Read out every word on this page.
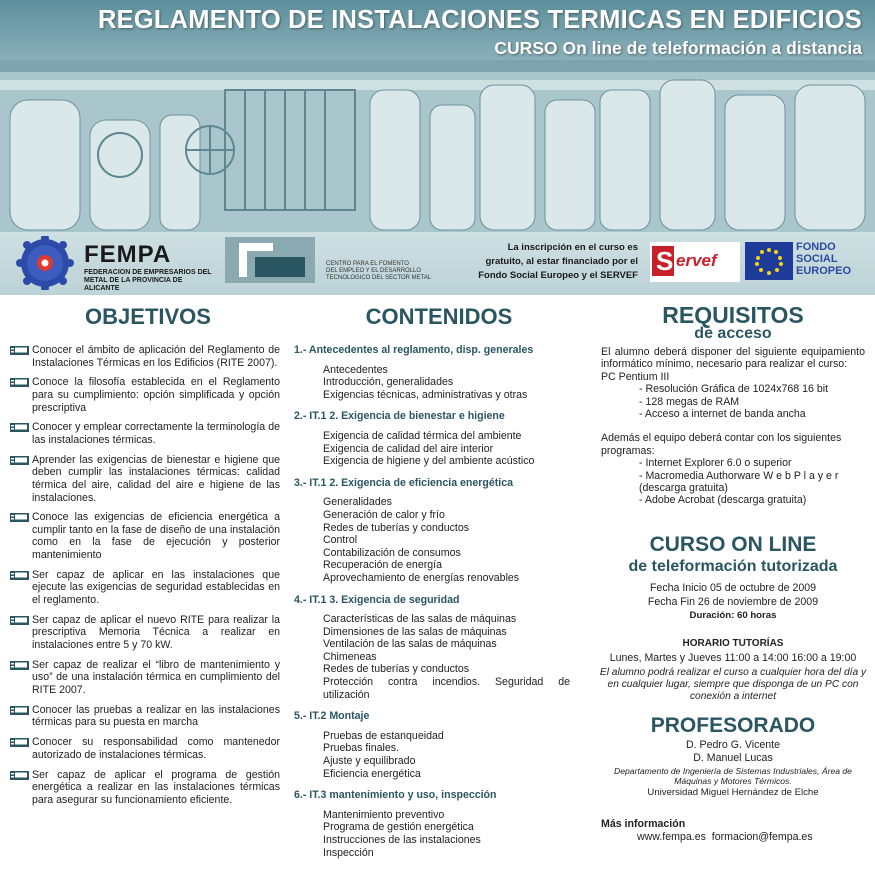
REGLAMENTO DE INSTALACIONES TERMICAS EN EDIFICIOS
CURSO On line de teleformación a distancia
FEMPA
FEDERACION DE EMPRESARIOS DEL
METAL DE LA PROVINCIA DE ALICANTE
CENTRO PARA EL FOMENTO
DEL EMPLEO Y EL DESARROLLO
TECNOLOGICO DEL SECTOR METAL
La inscripción en el curso es
gratuito, al estar financiado por el
Fondo Social Europeo y el SERVEF S ervef
FONDO
SOCIAL
EUROPEO
OBJETIVOS
Conocer el ámbito de aplicación del Reglamento de Instalaciones Térmicas en los Edificios (RITE 2007).
Conoce la filosofía establecida en el Reglamento para su cumplimiento: opción simplificada y opción prescriptiva
Conocer y emplear correctamente la terminología de las instalaciones térmicas.
Aprender las exigencias de bienestar e higiene que deben cumplir las instalaciones térmicas: calidad térmica del aire, calidad del aire e higiene de las instalaciones.
Conoce las exigencias de eficiencia energética a cumplir tanto en la fase de diseño de una instalación como en la fase de ejecución y posterior mantenimiento
Ser capaz de aplicar en las instalaciones que ejecute las exigencias de seguridad establecidas en el reglamento.
Ser capaz de aplicar el nuevo RITE para realizar la prescriptiva Memoria Técnica a realizar en instalaciones entre 5 y 70 kW.
Ser capaz de realizar el “libro de mantenimiento y uso” de una instalación térmica en cumplimiento del RITE 2007.
Conocer las pruebas a realizar en las instalaciones térmicas para su puesta en marcha
Conocer su responsabilidad como mantenedor autorizado de instalaciones térmicas.
Ser capaz de aplicar el programa de gestión energética a realizar en las instalaciones térmicas para asegurar su funcionamiento eficiente.
CONTENIDOS
1.- Antecedentes al reglamento, disp. generales
Antecedentes
Introducción, generalidades
Exigencias técnicas, administrativas y otras
2.- IT.1 2. Exigencia de bienestar e higiene
Exigencia de calidad térmica del ambiente
Exigencia de calidad del aire interior
Exigencia de higiene y del ambiente acústico
3.- IT.1 2. Exigencia de eficiencia energética
Generalidades
Generación de calor y frío
Redes de tuberías y conductos
Control
Contabilización de consumos
Recuperación de energía
Aprovechamiento de energías renovables
4.- IT.1 3. Exigencia de seguridad
Características de las salas de máquinas
Dimensiones de las salas de máquinas
Ventilación de las salas de máquinas
Chimeneas
Redes de tuberías y conductos
Protección contra incendios. Seguridad de utilización
5.- IT.2 Montaje
Pruebas de estanqueidad
Pruebas finales.
Ajuste y equilibrado
Eficiencia energética
6.- IT.3 mantenimiento y uso, inspección
Mantenimiento preventivo
Programa de gestión energética
Instrucciones de las instalaciones
Inspección
REQUISITOS
de acceso
El alumno deberá disponer del siguiente equipamiento informático mínimo, necesario para realizar el curso:
PC Pentium III
- Resolución Gráfica de 1024x768 16 bit
- 128 megas de RAM
- Acceso a internet de banda ancha
Además el equipo deberá contar con los siguientes programas:
- Internet Explorer 6.0 o superior
- Macromedia Authorware W e b P l a y e r (descarga gratuita)
- Adobe Acrobat (descarga gratuita)
CURSO ON LINE
de teleformación tutorizada
Fecha Inicio 05 de octubre de 2009
Fecha Fin 26 de noviembre de 2009
Duración: 60 horas
HORARIO TUTORÍAS
Lunes, Martes y Jueves 11:00 a 14:00 16:00 a 19:00
El alumno podrá realizar el curso a cualquier hora del día y en cualquier lugar, siempre que disponga de un PC con conexión a internet
PROFESORADO
D. Pedro G. Vicente
D. Manuel Lucas
Departamento de Ingeniería de Sistemas Industriales, Área de Máquinas y Motores Térmicos.
Universidad Miguel Hernández de Elche
Más información
www.fempa.es formacion@fempa.es
